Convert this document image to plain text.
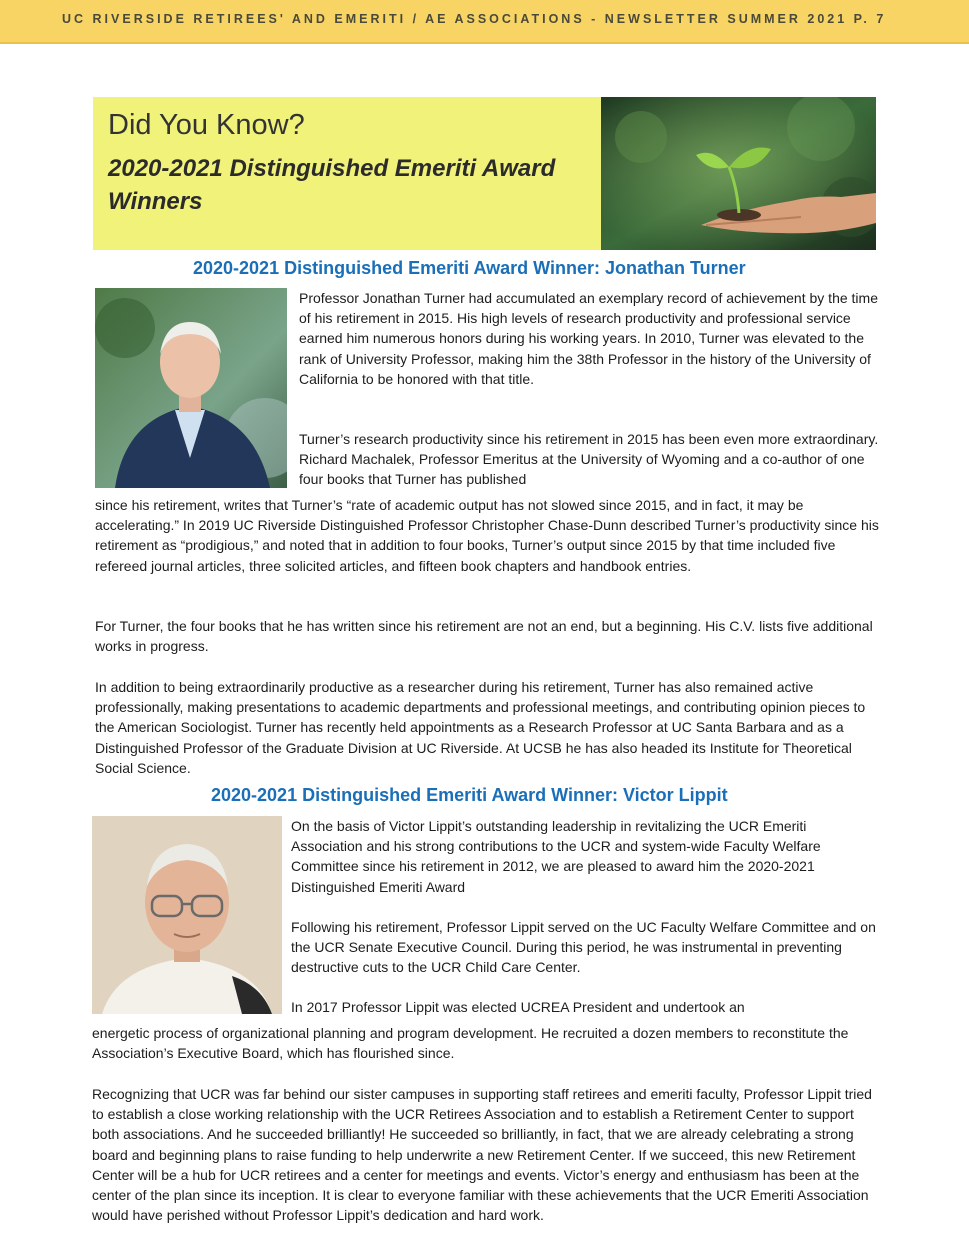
UC RIVERSIDE RETIREES' AND EMERITI / AE ASSOCIATIONS - NEWSLETTER SUMMER 2021 P. 7
Did You Know?
2020-2021 Distinguished Emeriti Award Winners
2020-2021 Distinguished Emeriti Award Winner: Jonathan Turner

Professor Jonathan Turner had accumulated an exemplary record of achievement by the time of his retirement in 2015. His high levels of research productivity and professional service earned him numerous honors during his working years. In 2010, Turner was elevated to the rank of University Professor, making him the 38th Professor in the history of the University of California to be honored with that title.

Turner’s research productivity since his retirement in 2015 has been even more extraordinary. Richard Machalek, Professor Emeritus at the University of Wyoming and a co-author of one four books that Turner has published

since his retirement, writes that Turner’s “rate of academic output has not slowed since 2015, and in fact, it may be accelerating.” In 2019 UC Riverside Distinguished Professor Christopher Chase-Dunn described Turner’s productivity since his retirement as “prodigious,” and noted that in addition to four books, Turner’s output since 2015 by that time included five refereed journal articles, three solicited articles, and fifteen book chapters and handbook entries.

For Turner, the four books that he has written since his retirement are not an end, but a beginning. His C.V. lists five additional works in progress.

In addition to being extraordinarily productive as a researcher during his retirement, Turner has also remained active professionally, making presentations to academic departments and professional meetings, and contributing opinion pieces to the American Sociologist. Turner has recently held appointments as a Research Professor at UC Santa Barbara and as a Distinguished Professor of the Graduate Division at UC Riverside. At UCSB he has also headed its Institute for Theoretical Social Science.

2020-2021 Distinguished Emeriti Award Winner: Victor Lippit

On the basis of Victor Lippit’s outstanding leadership in revitalizing the UCR Emeriti Association and his strong contributions to the UCR and system-wide Faculty Welfare Committee since his retirement in 2012, we are pleased to award him the 2020-2021 Distinguished Emeriti Award

Following his retirement, Professor Lippit served on the UC Faculty Welfare Committee and on the UCR Senate Executive Council. During this period, he was instrumental in preventing destructive cuts to the UCR Child Care Center.

In 2017 Professor Lippit was elected UCREA President and undertook an

energetic process of organizational planning and program development. He recruited a dozen members to reconstitute the Association’s Executive Board, which has flourished since.

Recognizing that UCR was far behind our sister campuses in supporting staff retirees and emeriti faculty, Professor Lippit tried to establish a close working relationship with the UCR Retirees Association and to establish a Retirement Center to support both associations. And he succeeded brilliantly! He succeeded so brilliantly, in fact, that we are already celebrating a strong board and beginning plans to raise funding to help underwrite a new Retirement Center. If we succeed, this new Retirement Center will be a hub for UCR retirees and a center for meetings and events. Victor’s energy and enthusiasm has been at the center of the plan since its inception. It is clear to everyone familiar with these achievements that the UCR Emeriti Association would have perished without Professor Lippit’s dedication and hard work.
